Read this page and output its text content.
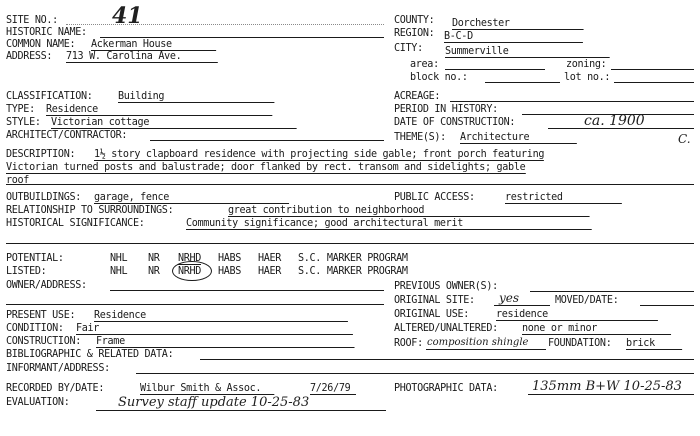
SITE NO.: 41
HISTORIC NAME:
COMMON NAME: Ackerman House
ADDRESS: 713 W. Carolina Ave.
COUNTY: Dorchester
REGION: B-C-D
CITY: Summerville
area:	zoning:
block no.:	lot no.:
CLASSIFICATION: Building
TYPE: Residence
STYLE: Victorian cottage
ARCHITECT/CONTRACTOR:
ACREAGE:
PERIOD IN HISTORY:
DATE OF CONSTRUCTION:	ca. 1900
THEME(S): Architecture	C.
DESCRIPTION: 1½ story clapboard residence with projecting side gable; front porch featuring
Victorian turned posts and balustrade; door flanked by rect. transom and sidelights; gable
roof
OUTBUILDINGS: garage, fence	PUBLIC ACCESS:	restricted
RELATIONSHIP TO SURROUNDINGS:	great contribution to neighborhood
HISTORICAL SIGNIFICANCE:	Community significance; good architectural merit
POTENTIAL:	NHL NR NRHD HABS HAER S.C. MARKER PROGRAM
LISTED:	NHL NR NRHD HABS HAER S.C. MARKER PROGRAM
OWNER/ADDRESS:	PREVIOUS OWNER(S):
ORIGINAL SITE: yes	MOVED/DATE:
ORIGINAL USE: residence
PRESENT USE: Residence
CONDITION: Fair
CONSTRUCTION: Frame
ALTERED/UNALTERED: none or minor
ROOF: composition shingle FOUNDATION: brick
BIBLIOGRAPHIC & RELATED DATA:
INFORMANT/ADDRESS:
RECORDED BY/DATE:	Wilbur Smith & Assoc.	7/26/79	PHOTOGRAPHIC DATA:	135mm B+W 10-25-83
EVALUATION:	Survey staff update 10-25-83
